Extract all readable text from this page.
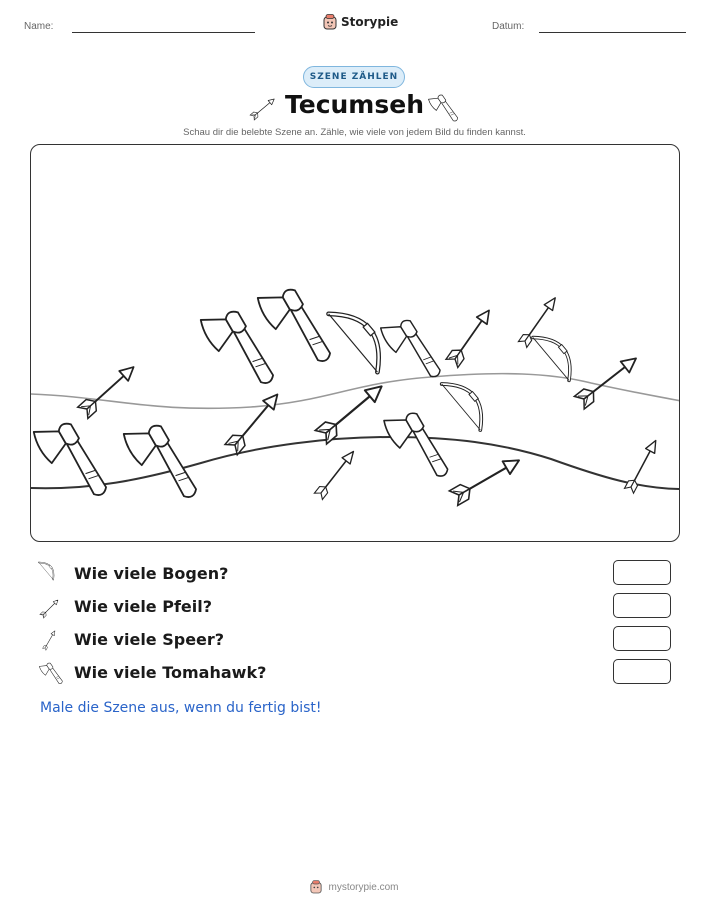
Name:	Storypie	Datum:
SZENE ZÄHLEN
Tecumseh
Schau dir die belebte Szene an. Zähle, wie viele von jedem Bild du finden kannst.
Wie viele Bogen?
Wie viele Pfeil?
Wie viele Speer?
Wie viele Tomahawk?
Male die Szene aus, wenn du fertig bist!
mystorypie.com
